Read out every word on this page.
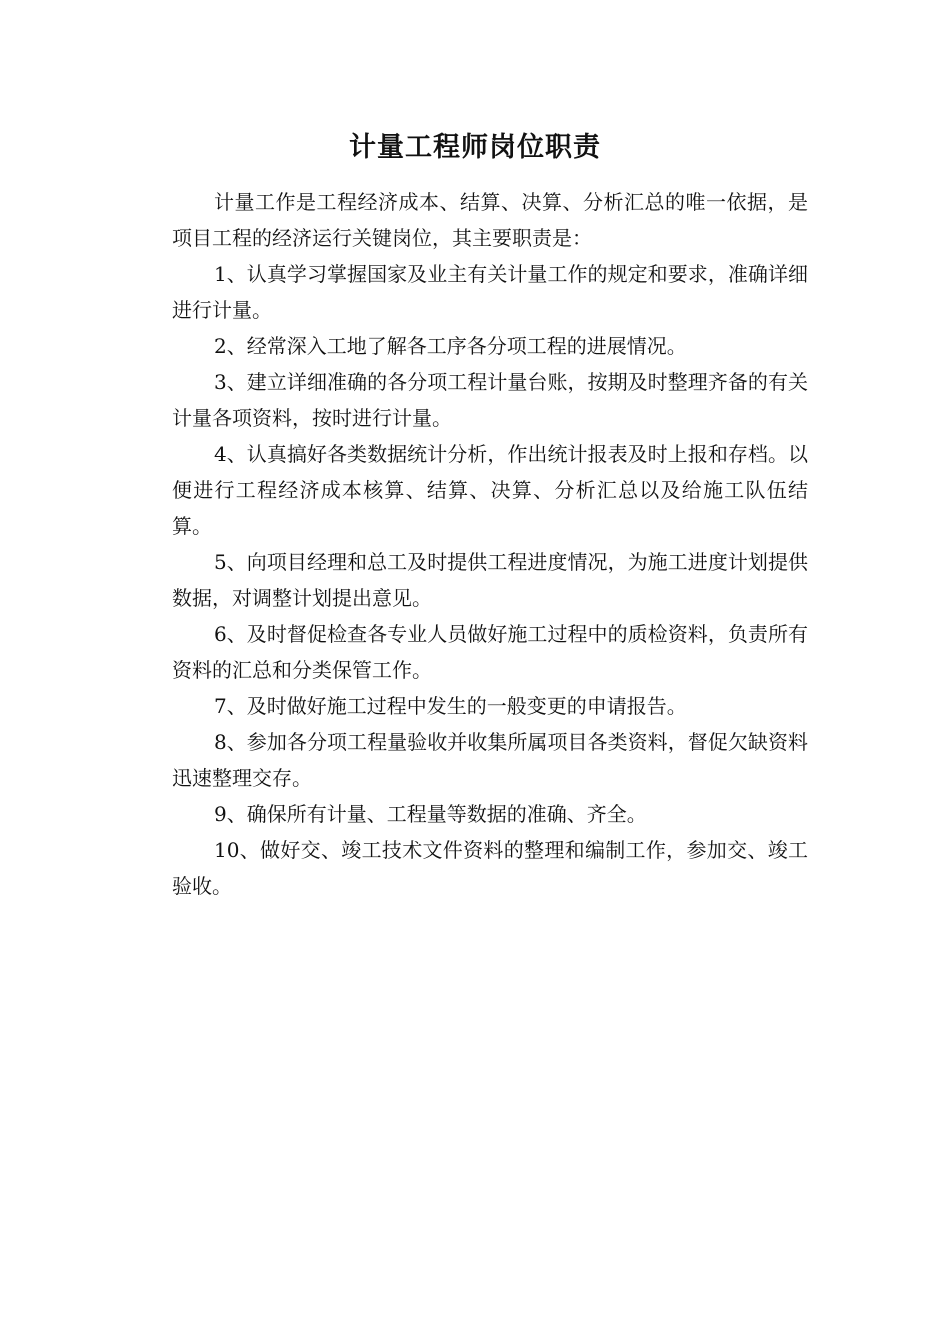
计量工程师岗位职责

计量工作是工程经济成本、结算、决算、分析汇总的唯一依据，是项目工程的经济运行关键岗位，其主要职责是：

1、认真学习掌握国家及业主有关计量工作的规定和要求，准确详细进行计量。

2、经常深入工地了解各工序各分项工程的进展情况。

3、建立详细准确的各分项工程计量台账，按期及时整理齐备的有关计量各项资料，按时进行计量。

4、认真搞好各类数据统计分析，作出统计报表及时上报和存档。以便进行工程经济成本核算、结算、决算、分析汇总以及给施工队伍结算。

5、向项目经理和总工及时提供工程进度情况，为施工进度计划提供数据，对调整计划提出意见。

6、及时督促检查各专业人员做好施工过程中的质检资料，负责所有资料的汇总和分类保管工作。

7、及时做好施工过程中发生的一般变更的申请报告。

8、参加各分项工程量验收并收集所属项目各类资料，督促欠缺资料迅速整理交存。

9、确保所有计量、工程量等数据的准确、齐全。

10、做好交、竣工技术文件资料的整理和编制工作，参加交、竣工验收。
